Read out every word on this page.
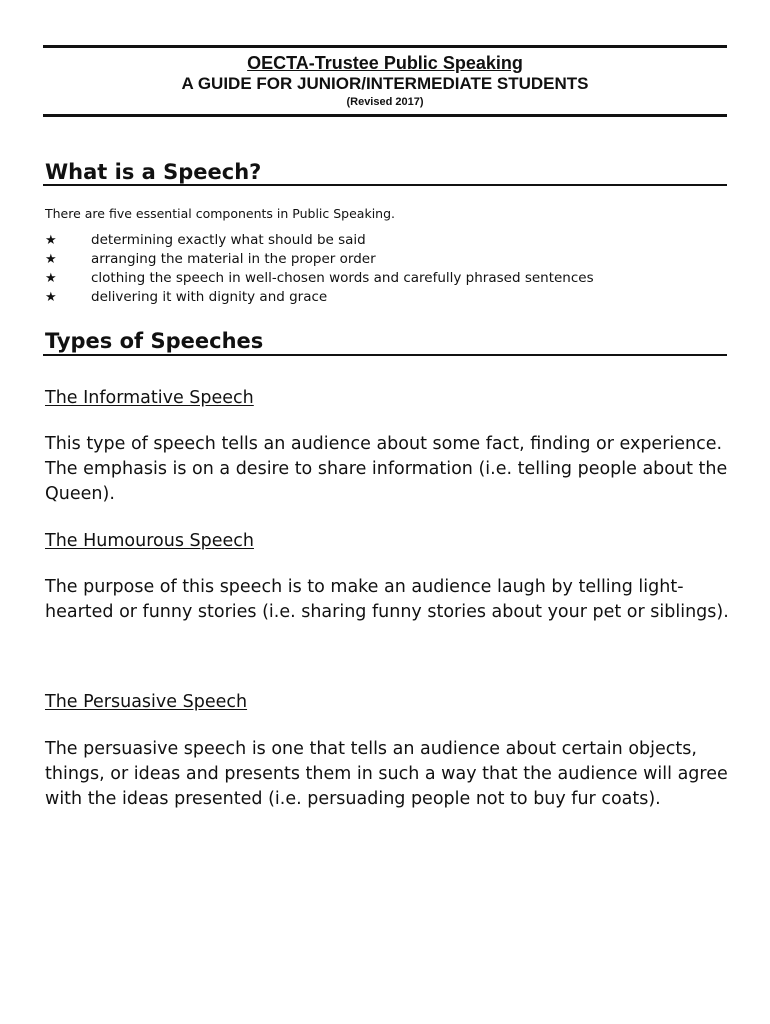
OECTA-Trustee Public Speaking
A GUIDE FOR JUNIOR/INTERMEDIATE STUDENTS
(Revised 2017)
What is a Speech?
There are five essential components in Public Speaking.
★	determining exactly what should be said
★	arranging the material in the proper order
★	clothing the speech in well-chosen words and carefully phrased sentences
★	delivering it with dignity and grace
Types of Speeches
The Informative Speech

This type of speech tells an audience about some fact, finding or experience. The emphasis is on a desire to share information (i.e. telling people about the Queen).

The Humourous Speech

The purpose of this speech is to make an audience laugh by telling light-hearted or funny stories (i.e. sharing funny stories about your pet or siblings).

The Persuasive Speech

The persuasive speech is one that tells an audience about certain objects, things, or ideas and presents them in such a way that the audience will agree with the ideas presented (i.e. persuading people not to buy fur coats).
